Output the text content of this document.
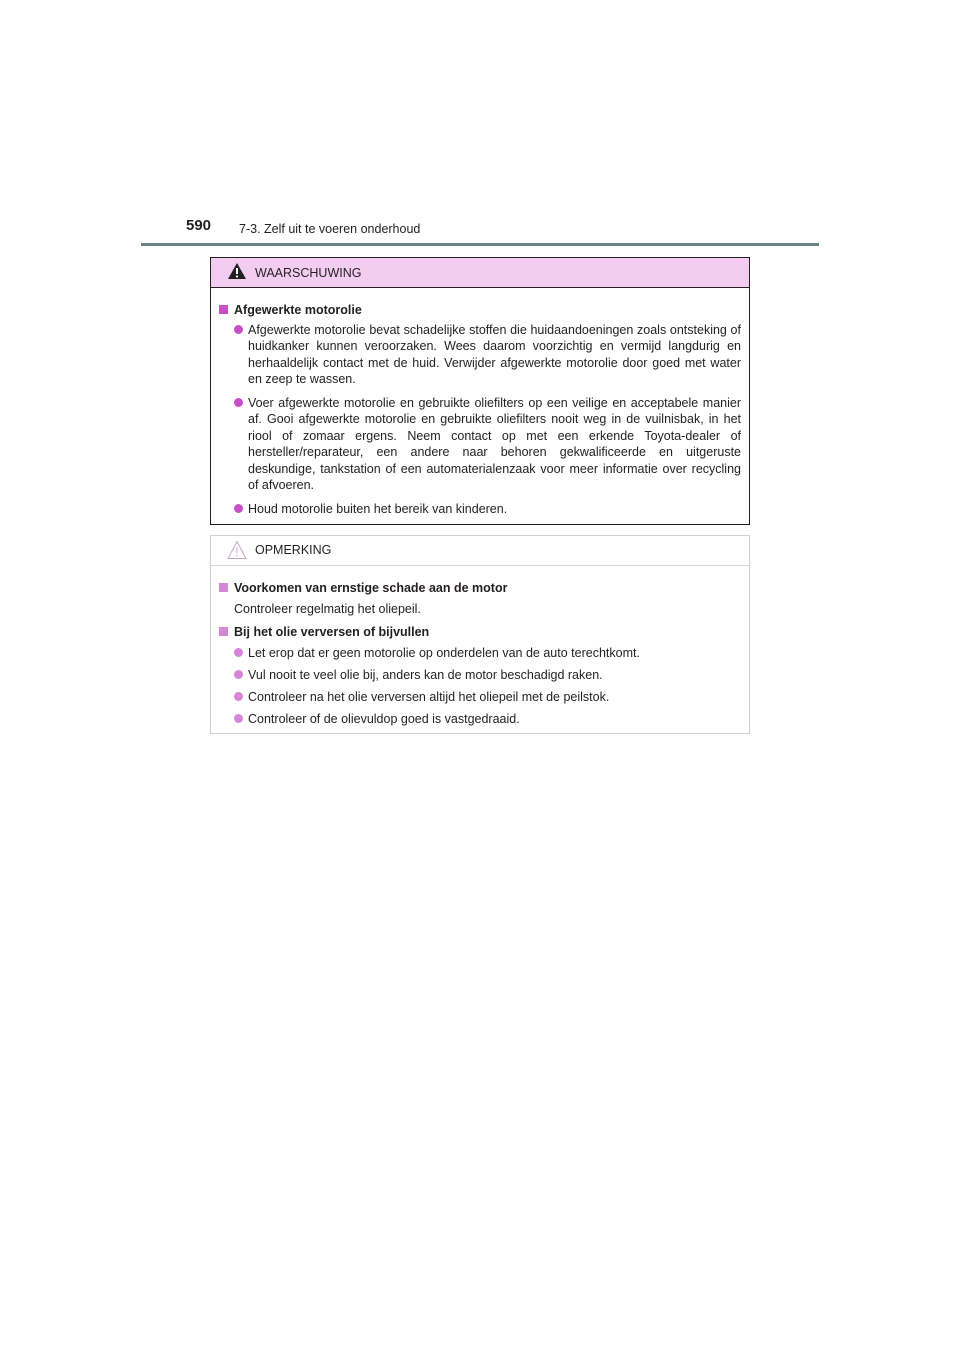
590 7-3. Zelf uit te voeren onderhoud
WAARSCHUWING
Afgewerkte motorolie
Afgewerkte motorolie bevat schadelijke stoffen die huidaandoeningen zoals ontsteking of huidkanker kunnen veroorzaken. Wees daarom voorzichtig en vermijd langdurig en herhaaldelijk contact met de huid. Verwijder afgewerkte motorolie door goed met water en zeep te wassen.
Voer afgewerkte motorolie en gebruikte oliefilters op een veilige en acceptabele manier af. Gooi afgewerkte motorolie en gebruikte oliefilters nooit weg in de vuilnisbak, in het riool of zomaar ergens. Neem contact op met een erkende Toyota-dealer of hersteller/reparateur, een andere naar behoren gekwalificeerde en uitgeruste deskundige, tankstation of een automaterialenzaak voor meer informatie over recycling of afvoeren.
Houd motorolie buiten het bereik van kinderen.
OPMERKING
Voorkomen van ernstige schade aan de motor
Controleer regelmatig het oliepeil.
Bij het olie verversen of bijvullen
Let erop dat er geen motorolie op onderdelen van de auto terechtkomt.
Vul nooit te veel olie bij, anders kan de motor beschadigd raken.
Controleer na het olie verversen altijd het oliepeil met de peilstok.
Controleer of de olievuldop goed is vastgedraaid.
